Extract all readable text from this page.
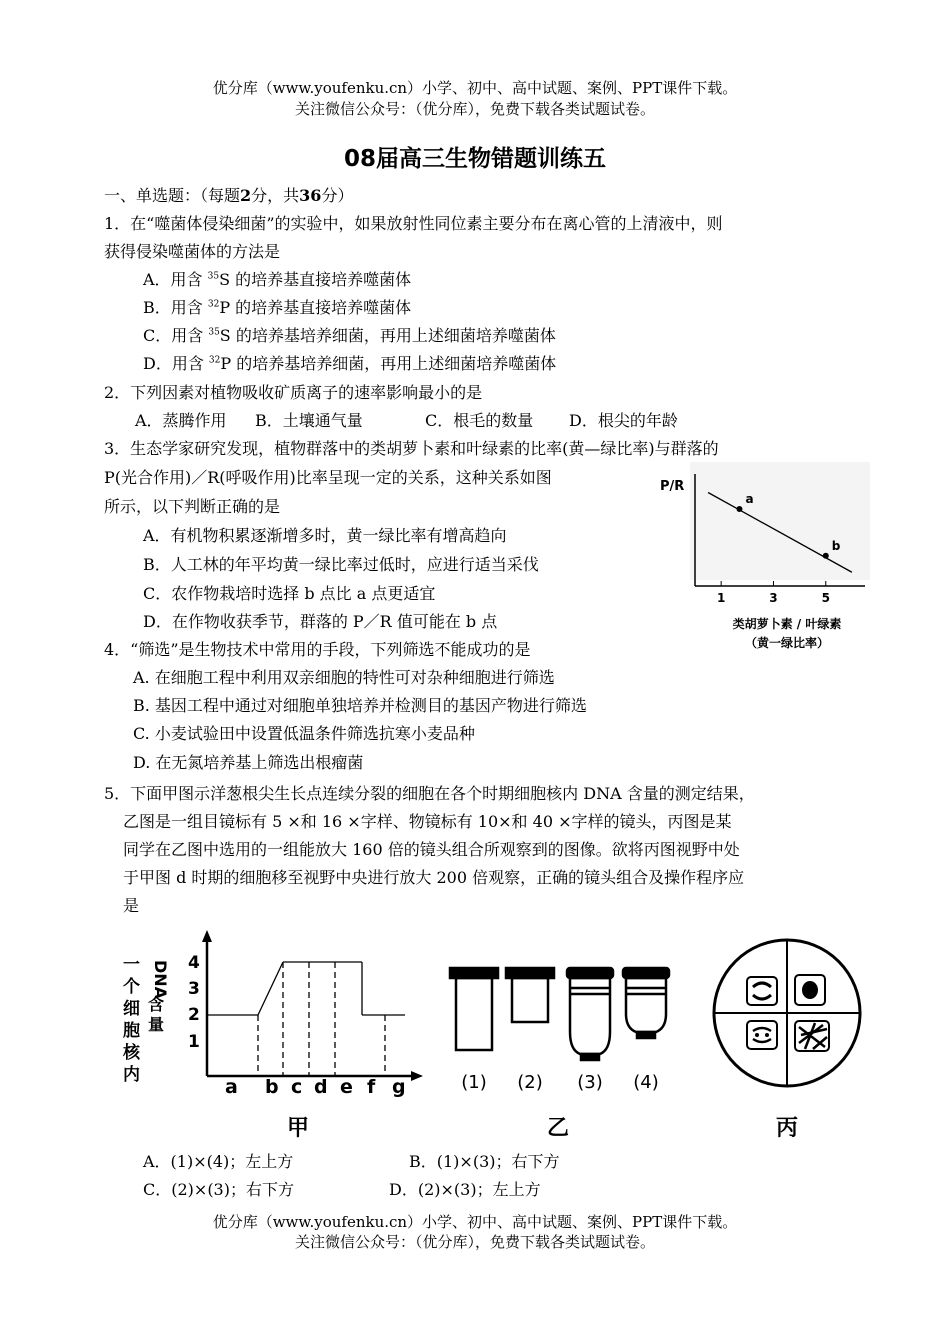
优分库（www.youfenku.cn）小学、初中、高中试题、案例、PPT课件下载。
关注微信公众号：（优分库），免费下载各类试题试卷。
08届高三生物错题训练五
一、单选题：（每题2分，共36分）
1．在“噬菌体侵染细菌”的实验中，如果放射性同位素主要分布在离心管的上清液中，则
获得侵染噬菌体的方法是
A．用含 $^{35}$S 的培养基直接培养噬菌体
B．用含 $^{32}$P 的培养基直接培养噬菌体
C．用含 $^{35}$S 的培养基培养细菌，再用上述细菌培养噬菌体
D．用含 $^{32}$P 的培养基培养细菌，再用上述细菌培养噬菌体
2．下列因素对植物吸收矿质离子的速率影响最小的是
A．蒸腾作用 B．土壤通气量	C．根毛的数量 D．根尖的年龄
3．生态学家研究发现，植物群落中的类胡萝卜素和叶绿素的比率(黄—绿比率)与群落的
P(光合作用)／R(呼吸作用)比率呈现一定的关系，这种关系如图
所示，以下判断正确的是
A．有机物积累逐渐增多时，黄一绿比率有增高趋向
B．人工林的年平均黄一绿比率过低时，应进行适当采伐
C．农作物栽培时选择 b 点比 a 点更适宜
D．在作物收获季节，群落的 P／R 值可能在 b 点
P/R
1	3	5
a
b
类胡萝卜素 / 叶绿素
（黄一绿比率）
4．“筛选”是生物技术中常用的手段，下列筛选不能成功的是
A. 在细胞工程中利用双亲细胞的特性可对杂种细胞进行筛选
B. 基因工程中通过对细胞单独培养并检测目的基因产物进行筛选
C. 小麦试验田中设置低温条件筛选抗寒小麦品种
D. 在无氮培养基上筛选出根瘤菌
5．下面甲图示洋葱根尖生长点连续分裂的细胞在各个时期细胞核内 DNA 含量的测定结果，
乙图是一组目镜标有 5 ×和 16 ×字样、物镜标有 10×和 40 ×字样的镜头，丙图是某
同学在乙图中选用的一组能放大 160 倍的镜头组合所观察到的图像。欲将丙图视野中处
于甲图 d 时期的细胞移至视野中央进行放大 200 倍观察，正确的镜头组合及操作程序应
是
一
个
细
胞
核
内
DNA
含
量
4
3
2
1
a b c d e f g
甲
(1) (2) (3) (4)
乙	丙
A．(1)×(4)；左上方	B．(1)×(3)；右下方
C．(2)×(3)；右下方	D．(2)×(3)；左上方
优分库（www.youfenku.cn）小学、初中、高中试题、案例、PPT课件下载。
关注微信公众号：（优分库），免费下载各类试题试卷。
